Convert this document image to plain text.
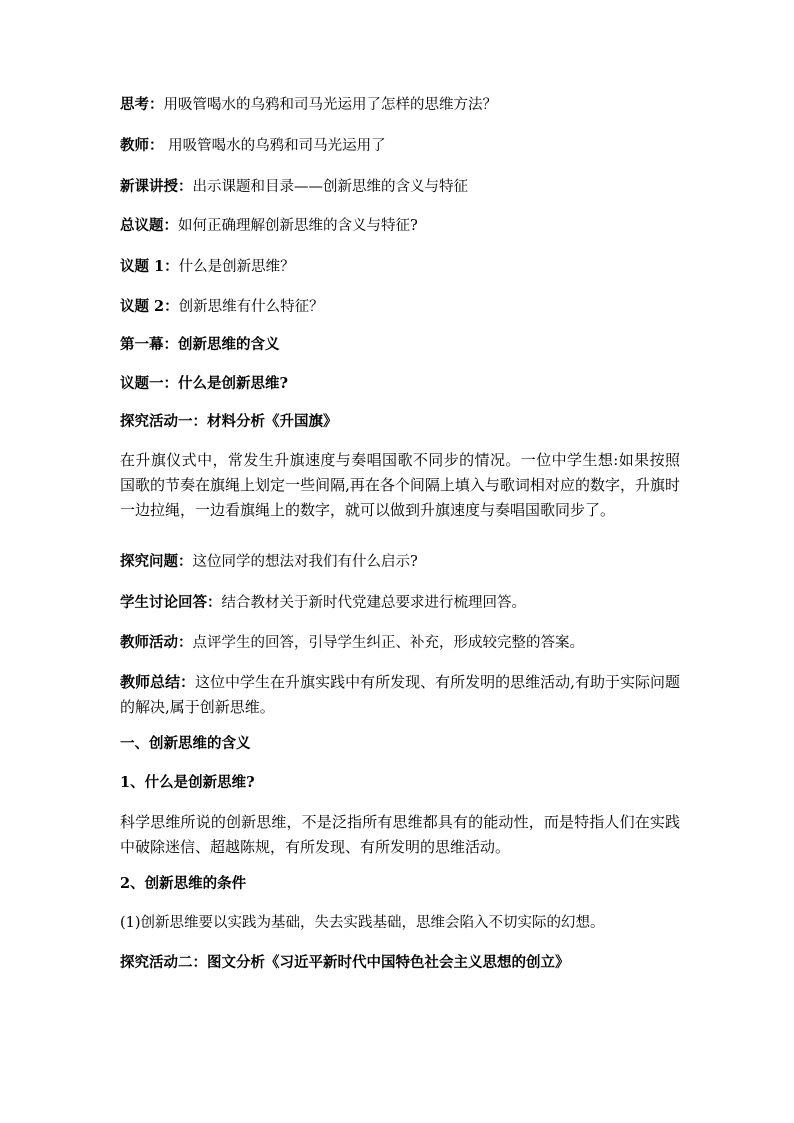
思考：用吸管喝水的乌鸦和司马光运用了怎样的思维方法？
教师： 用吸管喝水的乌鸦和司马光运用了
新课讲授：出示课题和目录——创新思维的含义与特征
总议题：如何正确理解创新思维的含义与特征?
议题 1：什么是创新思维？
议题 2：创新思维有什么特征？
第一幕：创新思维的含义
议题一：什么是创新思维?
探究活动一：材料分析《升国旗》
在升旗仪式中，常发生升旗速度与奏唱国歌不同步的情况。一位中学生想:如果按照国歌的节奏在旗绳上划定一些间隔,再在各个间隔上填入与歌词相对应的数字，升旗时一边拉绳，一边看旗绳上的数字，就可以做到升旗速度与奏唱国歌同步了。
探究问题：这位同学的想法对我们有什么启示?
学生讨论回答：结合教材关于新时代党建总要求进行梳理回答。
教师活动：点评学生的回答，引导学生纠正、补充，形成较完整的答案。
教师总结：这位中学生在升旗实践中有所发现、有所发明的思维活动,有助于实际问题的解决,属于创新思维。
一、创新思维的含义
1、什么是创新思维?
科学思维所说的创新思维，不是泛指所有思维都具有的能动性，而是特指人们在实践中破除迷信、超越陈规，有所发现、有所发明的思维活动。
2、创新思维的条件
(1)创新思维要以实践为基础，失去实践基础，思维会陷入不切实际的幻想。
探究活动二：图文分析《习近平新时代中国特色社会主义思想的创立》
